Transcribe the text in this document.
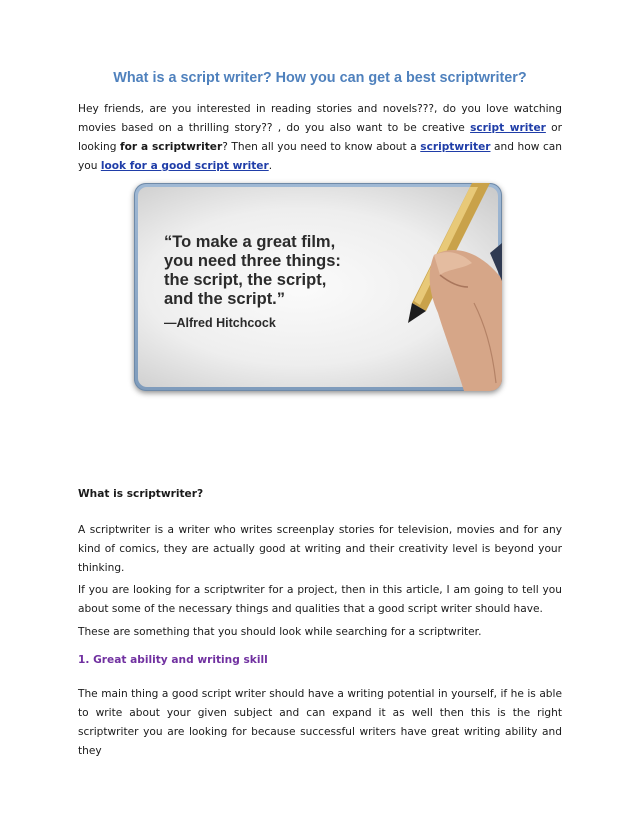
What is a script writer? How you can get a best scriptwriter?

Hey friends, are you interested in reading stories and novels???, do you love watching movies based on a thrilling story?? , do you also want to be creative script writer or looking for a scriptwriter? Then all you need to know about a scriptwriter and how can you look for a good script writer.

“To make a great film,
you need three things:
the script, the script,
and the script.”

—Alfred Hitchcock

What is scriptwriter?

A scriptwriter is a writer who writes screenplay stories for television, movies and for any kind of comics, they are actually good at writing and their creativity level is beyond your thinking.

If you are looking for a scriptwriter for a project, then in this article, I am going to tell you about some of the necessary things and qualities that a good script writer should have.

These are something that you should look while searching for a scriptwriter.

1. Great ability and writing skill

The main thing a good script writer should have a writing potential in yourself, if he is able to write about your given subject and can expand it as well then this is the right scriptwriter you are looking for because successful writers have great writing ability and they
